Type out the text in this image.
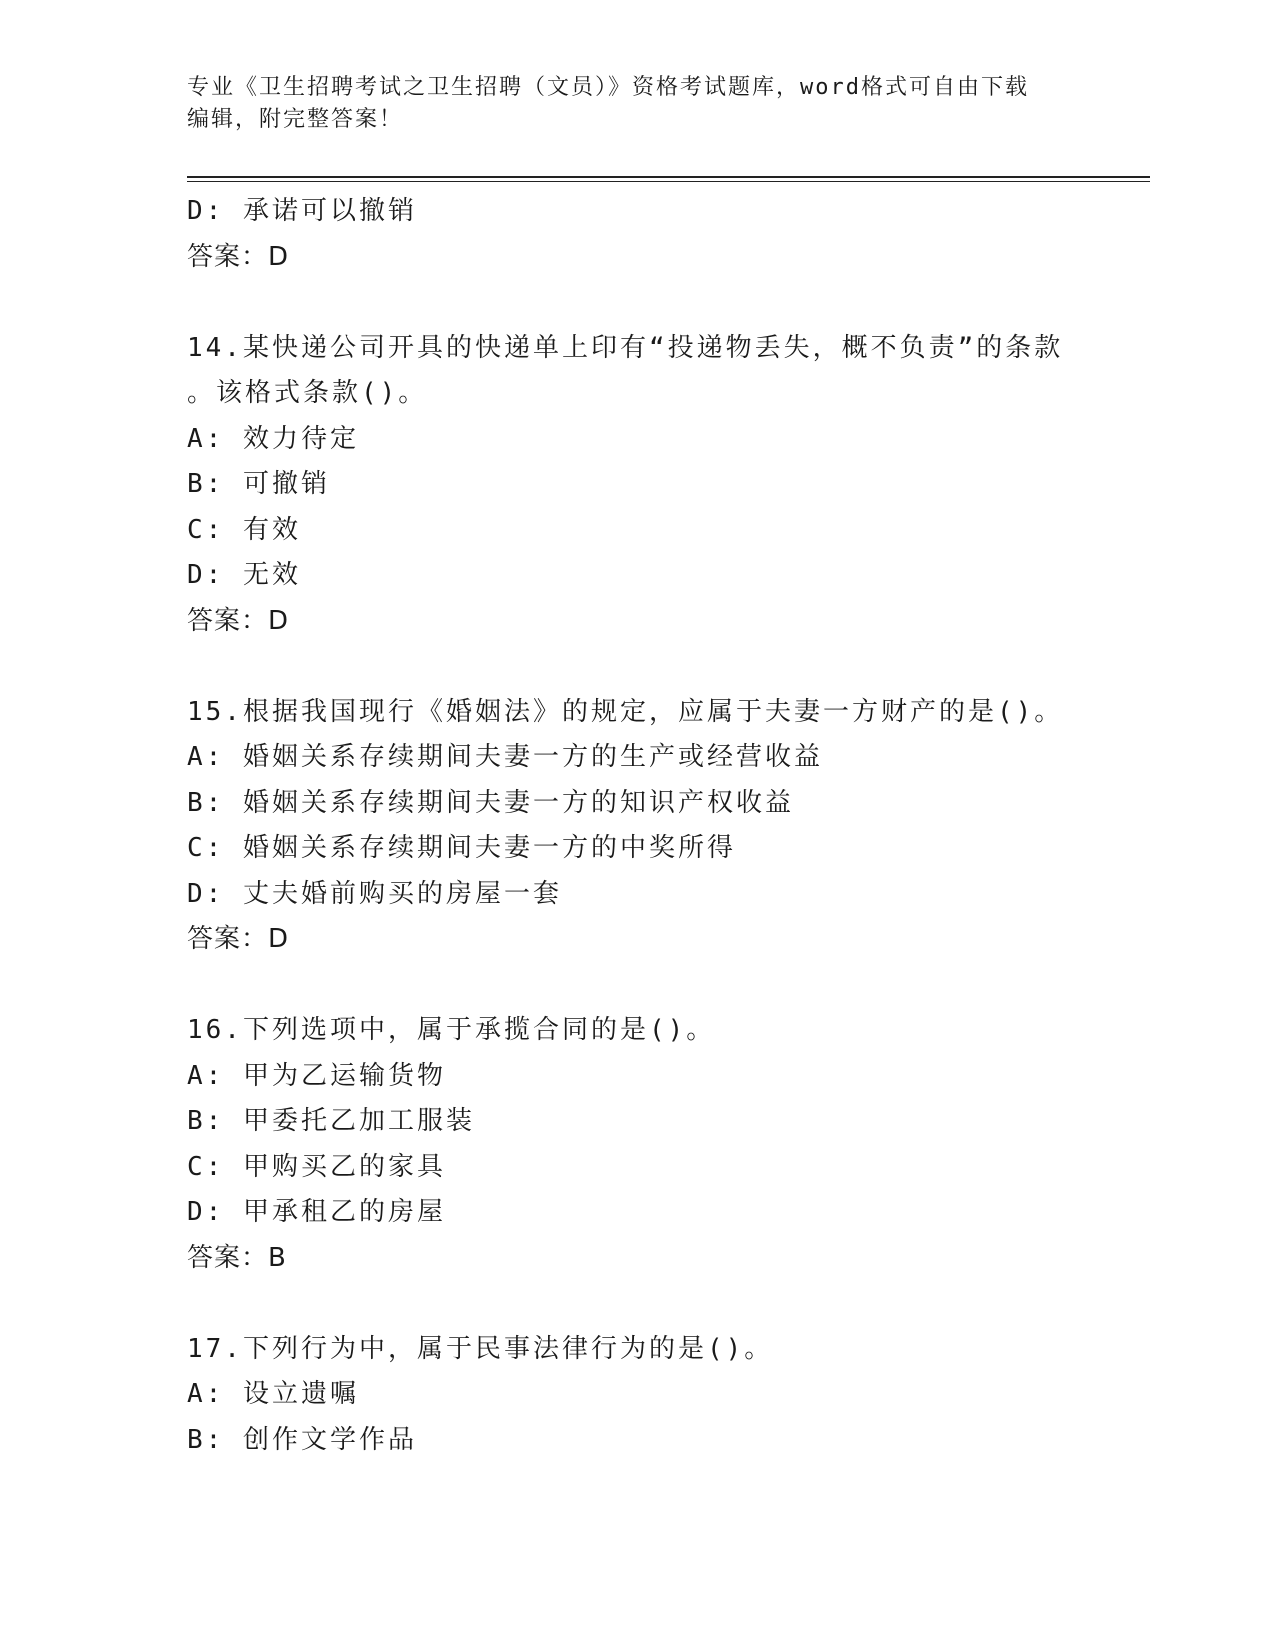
专业《卫生招聘考试之卫生招聘（文员）》资格考试题库，word格式可自由下载
编辑，附完整答案！
D: 承诺可以撤销
答案：D
14.某快递公司开具的快递单上印有“投递物丢失，概不负责”的条款
。该格式条款()。
A: 效力待定
B: 可撤销
C: 有效
D: 无效
答案：D
15.根据我国现行《婚姻法》的规定，应属于夫妻一方财产的是()。
A: 婚姻关系存续期间夫妻一方的生产或经营收益
B: 婚姻关系存续期间夫妻一方的知识产权收益
C: 婚姻关系存续期间夫妻一方的中奖所得
D: 丈夫婚前购买的房屋一套
答案：D
16.下列选项中，属于承揽合同的是()。
A: 甲为乙运输货物
B: 甲委托乙加工服装
C: 甲购买乙的家具
D: 甲承租乙的房屋
答案：B
17.下列行为中，属于民事法律行为的是()。
A: 设立遗嘱
B: 创作文学作品
